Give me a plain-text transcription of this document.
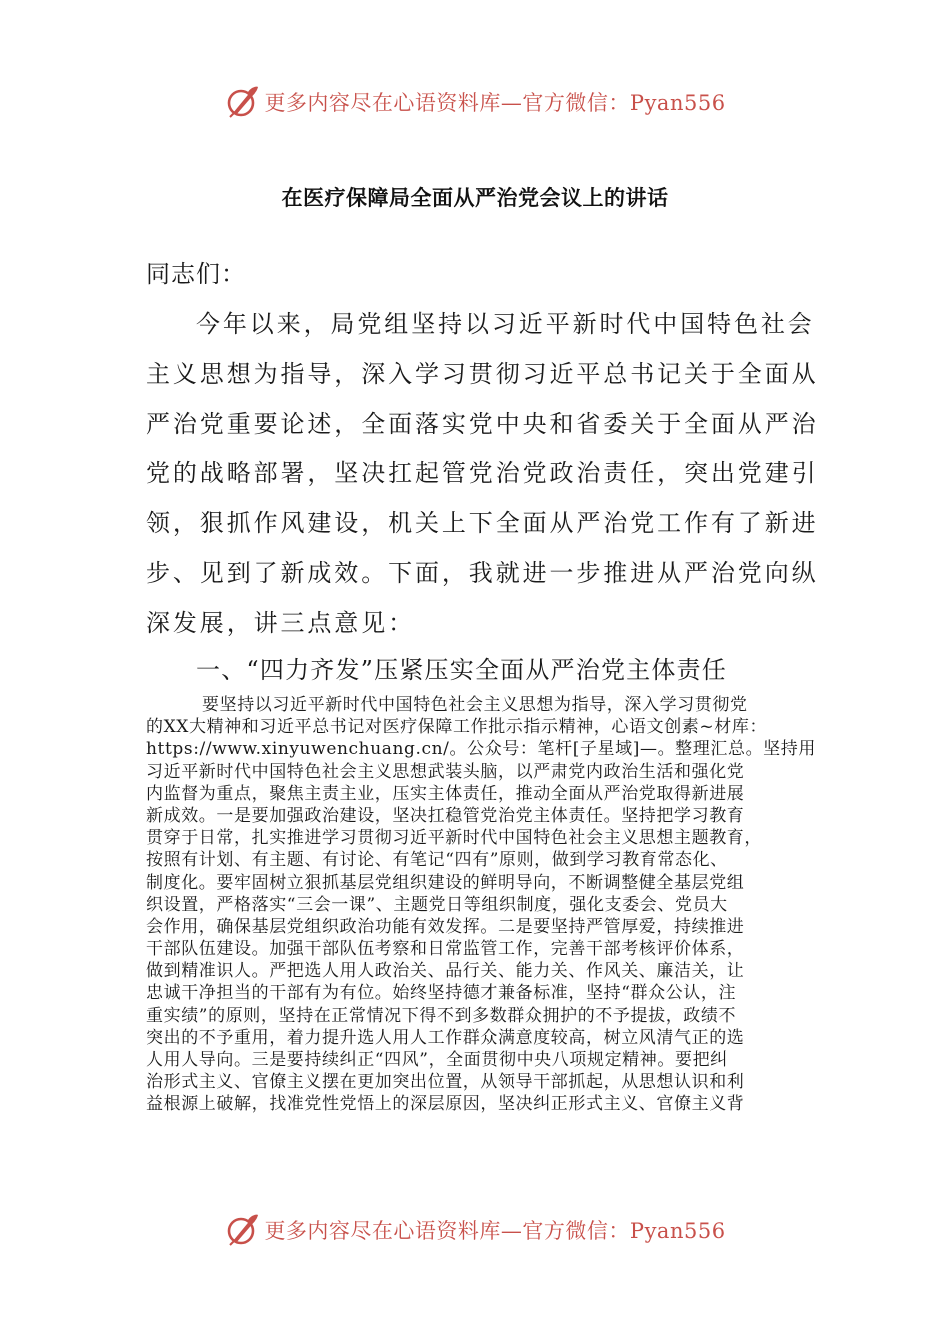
更多内容尽在心语资料库—官方微信：Pyan556
在医疗保障局全面从严治党会议上的讲话
同志们：
今年以来，局党组坚持以习近平新时代中国特色社会
主义思想为指导，深入学习贯彻习近平总书记关于全面从
严治党重要论述，全面落实党中央和省委关于全面从严治
党的战略部署，坚决扛起管党治党政治责任，突出党建引
领，狠抓作风建设，机关上下全面从严治党工作有了新进
步、见到了新成效。下面，我就进一步推进从严治党向纵
深发展，讲三点意见：
一、“四力齐发”压紧压实全面从严治党主体责任
要坚持以习近平新时代中国特色社会主义思想为指导，深入学习贯彻党
的XX大精神和习近平总书记对医疗保障工作批示指示精神，心语文创素~材库：
https://www.xinyuwenchuang.cn/。公众号：笔杆[子星域]—。整理汇总。坚持用
习近平新时代中国特色社会主义思想武装头脑，以严肃党内政治生活和强化党
内监督为重点，聚焦主责主业，压实主体责任，推动全面从严治党取得新进展
新成效。一是要加强政治建设，坚决扛稳管党治党主体责任。坚持把学习教育
贯穿于日常，扎实推进学习贯彻习近平新时代中国特色社会主义思想主题教育，
按照有计划、有主题、有讨论、有笔记“四有”原则，做到学习教育常态化、
制度化。要牢固树立狠抓基层党组织建设的鲜明导向，不断调整健全基层党组
织设置，严格落实“三会一课”、主题党日等组织制度，强化支委会、党员大
会作用，确保基层党组织政治功能有效发挥。二是要坚持严管厚爱，持续推进
干部队伍建设。加强干部队伍考察和日常监管工作，完善干部考核评价体系，
做到精准识人。严把选人用人政治关、品行关、能力关、作风关、廉洁关，让
忠诚干净担当的干部有为有位。始终坚持德才兼备标准，坚持“群众公认，注
重实绩”的原则，坚持在正常情况下得不到多数群众拥护的不予提拔，政绩不
突出的不予重用，着力提升选人用人工作群众满意度较高，树立风清气正的选
人用人导向。三是要持续纠正“四风”，全面贯彻中央八项规定精神。要把纠
治形式主义、官僚主义摆在更加突出位置，从领导干部抓起，从思想认识和利
益根源上破解，找准党性党悟上的深层原因，坚决纠正形式主义、官僚主义背
更多内容尽在心语资料库—官方微信：Pyan556
